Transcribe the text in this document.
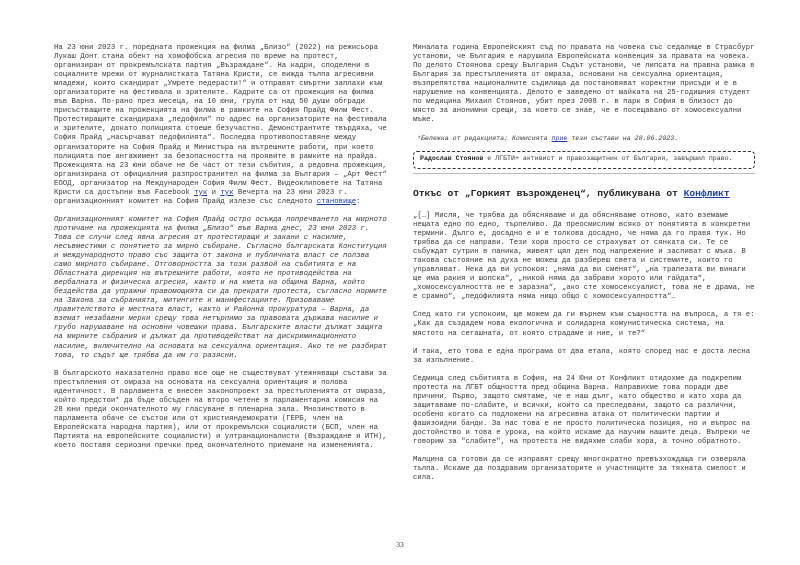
На 23 юни 2023 г. поредната прожекция на филма „Близо“ (2022) на режисьора Лукаш Донт стана обект на хомофобска агресия по време на протест, организиран от прокремълската партия „Възраждане“. На кадри, споделени в социалните мрежи от журналистката Татяна Кристи, се вижда тълпа агресивни младежи, които скандират „Умрете педерасти!“ и отправят смъртни заплахи към организаторите на фестивала и зрителите. Кадрите са от прожекция на филма във Варна. По-рано през месеца, на 10 юни, група от над 50 души обгради присъстващите на прожекцията на филма в рамките на София Прайд Филм Фест. Протестиращите скандираха „педофили“ по адрес на организаторите на фестивала и зрителите, докато полицията стоеше безучастно. Демонстрантите твърдяха, че София Прайд „насърчават педофилията“. Последва противопоставяне между организаторите на София Прайд и Министъра на вътрешните работи, при което полицията пое ангажимент за безопасността на проявите в рамките на прайда. Прожекцията на 23 юни обаче не бе част от тези събития, а редовна прожекция, организирана от официалния разпространител на филма за България – „Арт Фест“ ЕООД, организатор на Международен София Филм Фест. Видеоклиповете на Татяна Кристи са достъпни във Facebook тук и тук Вечерта на 23 юни 2023 г. организационният комитет на София Прайд излезе със следното становище:

Организационният комитет на София Прайд остро осъжда попречването на мирното протичане на прожекцията на филма „Близо“ във Варна днес, 23 юни 2023 г. Това се случи след явна агресия от протестиращи и закани с насилие, несъвместими с понятието за мирно събиране. Съгласно българската Конституция и международното право със защита от закона и публичната власт се ползва само мирното събиране. Отговорността за този развой на събитията е на Областната дирекция на вътрешните работи, която не противодейства на вербалната и физическа агресия, както и на кмета на община Варна, който бездейства да упражни правомощията си да прекрати протеста, съгласно нормите на Закона за събранията, митингите и манифестациите. Призоваваме правителството и местната власт, както и Районна прокуратура – Варна, да вземат незабавни мерки срещу това нетърпимо за правовата държава насилие и грубо нарушаване на основни човешки права. Българските власти дължат защита на мирните събрания и дължат да противодействат на дискриминационното насилие, включително на основата на сексуална ориентация. Ако те не разбират това, то съдът ще трябва да им го разясни.

В българското наказателно право все още не съществуват утежняващи състави за престъпления от омраза на основата на сексуална ориентация и полова идентичност. В парламента е внесен законопроект за престъпленията от омраза, който предстои* да бъде обсъден на второ четене в парламентарна комисия на 28 юни преди окончателното му гласуване в пленарна зала. Мнозинството в парламента обаче се състои или от християндемократи (ГЕРБ, член на Европейската народна партия), или от прокремълски социалисти (БСП, член на Партията на европейските социалисти) и ултранационалисти (Възраждане и ИТН), което поставя сериозни пречки пред окончателното приемане на измененията.

Миналата година Европейският съд по правата на човека със седалище в Страсбург установи, че България е нарушила Европейската конвенция за правата на човека. По делото Стоянова срещу България Съдът установи, че липсата на правна рамка в България за престъпленията от омраза, основани на сексуална ориентация, възпрепятства националните съдилища да постановяват коректни присъди и е в нарушение на конвенцията. Делото е заведено от майката на 25-годишния студент по медицина Михаил Стоянов, убит през 2008 г. в парк в София в близост до място за анонимни срещи, за което се знае, че е посещавано от хомосексуални мъже.

*Бележка от редакцията: Комисията прие тези състави на 28.06.2023.

Радослав Стоянов е ЛГБТИ+ активист и правозащитник от България, завършил право.
Откъс от „Горкият възрожденец“, публикувана от Конфликт

„[…] Мисля, че трябва да обясняваме и да обясняваме отново, като вземаме нещата едно по едно, търпеливо. Да преосмислим всяко от понятията в конкретни термини. Дълго е, досадно е и е толкова досадно, че няма да го правя тук. Но трябва да се направи. Тези хора просто се страхуват от сянката си. Те се събуждат сутрин в паника, живеят цял ден под напрежение и заспиват с мъка. В такова състояние на духа не можеш да разбереш света и системите, които го управляват. Нека да ви успокоя: „няма да ви сменят“, „на трапезата ви винаги ще има ракия и шопска“, „никой няма да забрави хорото или гайдата“, „хомосексуалността не е заразна“, „ако сте хомосексуалист, това не е драма, не е срамно“, „педофилията няма нищо общо с хомосексуалността“…

След като ги успокоим, ще можем да ги върнем към същността на въпроса, а тя е: „Как да създадем нова екологична и солидарна комунистическа система, на мястото на сегашната, от която страдаме и ние, и те?“

И така, ето това е една програма от два етапа, която според нас е доста лесна за изпълнение.

Седмица след събитията в София, на 24 Юни от Конфликт отидохме да подкрепим протеста на ЛГБТ общността пред община Варна. Направихме това поради две причини. Първо, защото смятаме, че е наш дълг, като общество и като хора да защитаваме по-слабите, и всички, които са преследвани, защото са различни, особено когато са подложени на агресивна атака от политически партии и фашизоидни банди. За нас това е не просто политическа позиция, но и въпрос на достойнство и това е урока, на който искаме да научим нашите деца. Въпреки че говорим за "слабите", на протеста не видяхме слаби хора, а точно обратното.

Малцина са готови да се изправят срещу многократно превъзхождаща ги озверяла тълпа. Искаме да поздравим организаторите и участниците за тяхната смелост и сила.

33
